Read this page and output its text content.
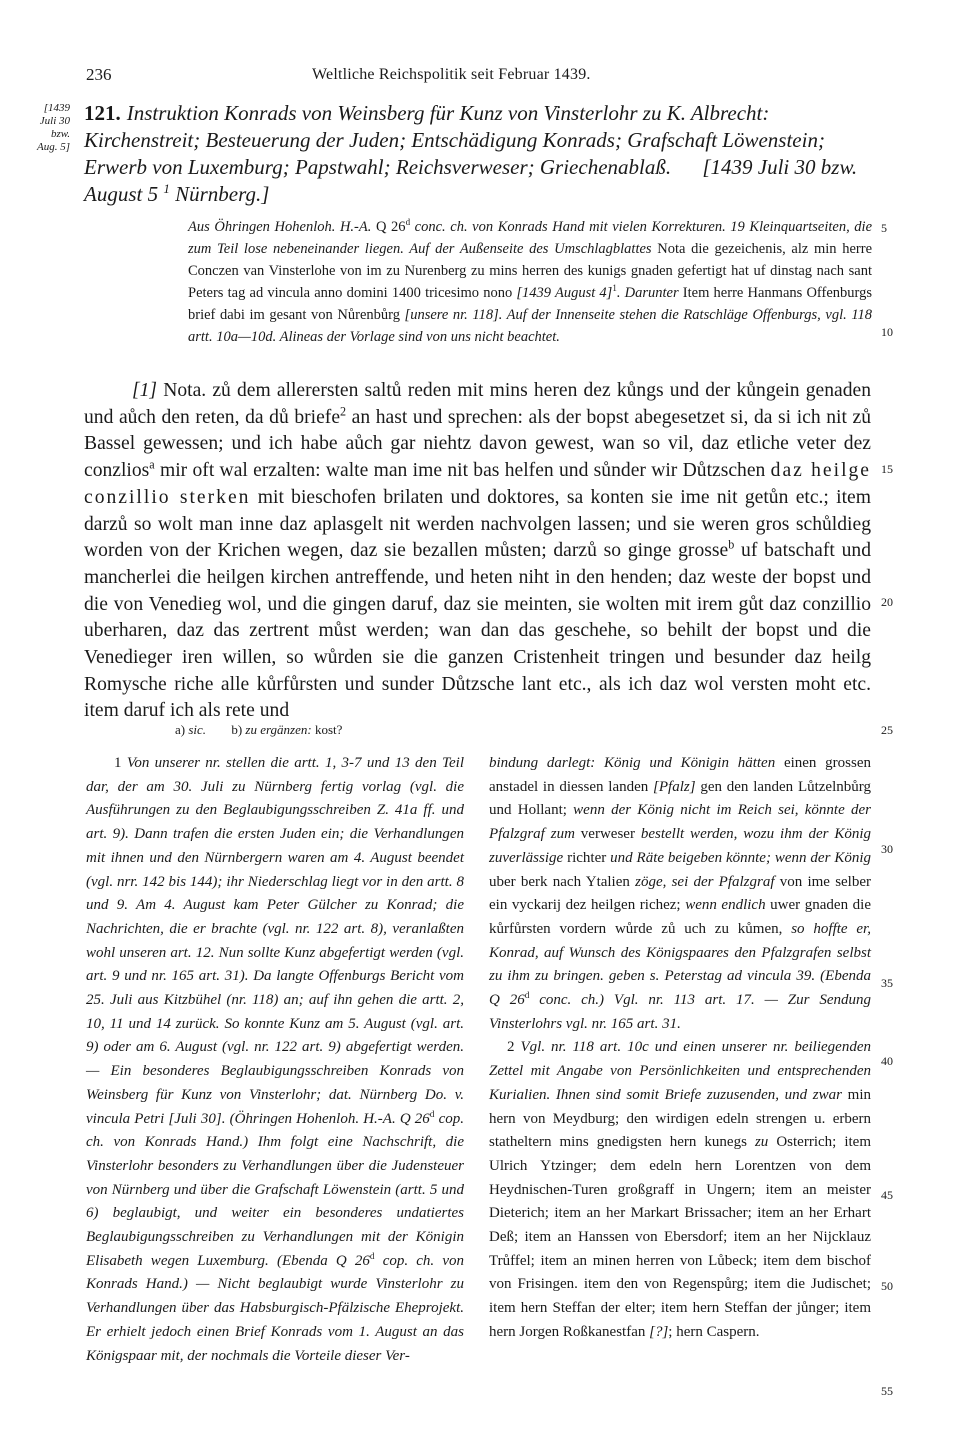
236	Weltliche Reichspolitik seit Februar 1439.
[1439
Juli 30
bzw.
Aug. 5]
121. Instruktion Konrads von Weinsberg für Kunz von Vinsterlohr zu K. Albrecht: Kirchenstreit; Besteuerung der Juden; Entschädigung Konrads; Grafschaft Löwenstein; Erwerb von Luxemburg; Papstwahl; Reichsverweser; Griechenablaß. [1439 Juli 30 bzw. August 5 $^1$ Nürnberg.]
Aus Öhringen Hohenloh. H.-A. Q 26$^d$ conc. ch. von Konrads Hand mit vielen Korrekturen. 19 Kleinquartseiten, die zum Teil lose nebeneinander liegen. Auf der Außenseite des Umschlagblattes Nota die gezeichenis, alz min herre Conczen van Vinsterlohe von im zu Nurenberg zu mins herren des kunigs gnaden gefertigt hat uf dinstag nach sant Peters tag ad vincula anno domini 1400 tricesimo nono [1439 August 4]$^1$. Darunter Item herre Hanmans Offenburgs brief dabi im gesant von Nůrenbůrg [unsere nr. 118]. Auf der Innenseite stehen die Ratschläge Offenburgs, vgl. 118 artt. 10a—10d. Alineas der Vorlage sind von uns nicht beachtet.
[1] Nota. zů dem allerersten saltů reden mit mins heren dez kůngs und der kůngein genaden und aůch den reten, da dů briefe$^2$ an hast und sprechen: als der bopst abegesetzet si, da si ich nit zů Bassel gewessen; und ich habe aůch gar niehtz davon gewest, wan so vil, daz etliche veter dez conzlios$^a$ mir oft wal erzalten: walte man ime nit bas helfen und sůnder wir Důtzschen daz heilge conzillio sterken mit bieschofen brilaten und doktores, sa konten sie ime nit getůn etc.; item darzů so wolt man inne daz aplasgelt nit werden nachvolgen lassen; und sie weren gros schůldieg worden von der Krichen wegen, daz sie bezallen můsten; darzů so ginge grosse$^b$ uf batschaft und mancherlei die heilgen kirchen antreffende, und heten niht in den henden; daz weste der bopst und die von Venedieg wol, und die gingen daruf, daz sie meinten, sie wolten mit irem gůt daz conzillio uberharen, daz das zertrent můst werden; wan dan das geschehe, so behilt der bopst und die Venedieger iren willen, so wůrden sie die ganzen Cristenheit tringen und besunder daz heilg Romysche riche alle kůrfůrsten und sunder Důtzsche lant etc., als ich daz wol versten moht etc. item daruf ich als rete und
a) sic. b) zu ergänzen: kost?
1 Von unserer nr. stellen die artt. 1, 3-7 und 13 den Teil dar, der am 30. Juli zu Nürnberg fertig vorlag (vgl. die Ausführungen zu den Beglaubigungsschreiben Z. 41a ff. und art. 9). Dann trafen die ersten Juden ein; die Verhandlungen mit ihnen und den Nürnbergern waren am 4. August beendet (vgl. nrr. 142 bis 144); ihr Niederschlag liegt vor in den artt. 8 und 9. Am 4. August kam Peter Gülcher zu Konrad; die Nachrichten, die er brachte (vgl. nr. 122 art. 8), veranlaßten wohl unseren art. 12. Nun sollte Kunz abgefertigt werden (vgl. art. 9 und nr. 165 art. 31). Da langte Offenburgs Bericht vom 25. Juli aus Kitzbühel (nr. 118) an; auf ihn gehen die artt. 2, 10, 11 und 14 zurück. So konnte Kunz am 5. August (vgl. art. 9) oder am 6. August (vgl. nr. 122 art. 9) abgefertigt werden. — Ein besonderes Beglaubigungsschreiben Konrads von Weinsberg für Kunz von Vinsterlohr; dat. Nürnberg Do. v. vincula Petri [Juli 30]. (Öhringen Hohenloh. H.-A. Q 26$^d$ cop. ch. von Konrads Hand.) Ihm folgt eine Nachschrift, die Vinsterlohr besonders zu Verhandlungen über die Judensteuer von Nürnberg und über die Grafschaft Löwenstein (artt. 5 und 6) beglaubigt, und weiter ein besonderes undatiertes Beglaubigungsschreiben zu Verhandlungen mit der Königin Elisabeth wegen Luxemburg. (Ebenda Q 26$^d$ cop. ch. von Konrads Hand.) — Nicht beglaubigt wurde Vinsterlohr zu Verhandlungen über das Habsburgisch-Pfälzische Eheprojekt. Er erhielt jedoch einen Brief Konrads vom 1. August an das Königspaar mit, der nochmals die Vorteile dieser Ver-
bindung darlegt: König und Königin hätten einen grossen anstadel in diessen landen [Pfalz] gen den landen Lůtzelnbůrg und Hollant; wenn der König nicht im Reich sei, könnte der Pfalzgraf zum verweser bestellt werden, wozu ihm der König zuverlässige richter und Räte beigeben könnte; wenn der König uber berk nach Ytalien zöge, sei der Pfalzgraf von ime selber ein vyckarij dez heilgen richez; wenn endlich uwer gnaden die kůrfůrsten vordern wůrde zů uch zu kůmen, so hoffte er, Konrad, auf Wunsch des Königspaares den Pfalzgrafen selbst zu ihm zu bringen. geben s. Peterstag ad vincula 39. (Ebenda Q 26$^d$ conc. ch.) Vgl. nr. 113 art. 17. — Zur Sendung Vinsterlohrs vgl. nr. 165 art. 31.
2 Vgl. nr. 118 art. 10c und einen unserer nr. beiliegenden Zettel mit Angabe von Persönlichkeiten und entsprechenden Kurialien. Ihnen sind somit Briefe zuzusenden, und zwar min hern von Meydburg; den wirdigen edeln strengen u. erbern statheltern mins gnedigsten hern kunegs zu Osterrich; item Ulrich Ytzinger; dem edeln hern Lorentzen von dem Heydnischen-Turen großgraff in Ungern; item an meister Dieterich; item an her Markart Brissacher; item an her Erhart Deß; item an Hanssen von Ebersdorf; item an her Nijcklauz Trůffel; item an minen herren von Lůbeck; item dem bischof von Frisingen. item den von Regenspůrg; item die Judischet; item hern Steffan der elter; item hern Steffan der jůnger; item hern Jorgen Roßkanestfan [?]; hern Caspern.
5
10
15
20
25
30
35
40
45
50
55
